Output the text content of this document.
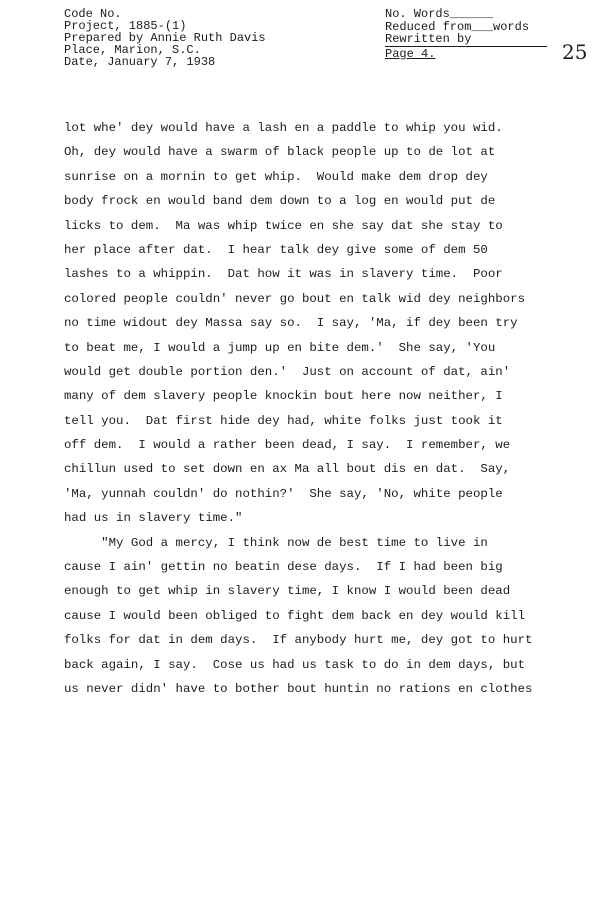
Code No.
Project, 1885-(1)
Prepared by Annie Ruth Davis
Place, Marion, S.C.
Date, January 7, 1938
No. Words______
Reduced from___words
Rewritten by
Page 4.	25
lot whe' dey would have a lash en a paddle to whip you wid.
Oh, dey would have a swarm of black people up to de lot at
sunrise on a mornin to get whip.  Would make dem drop dey
body frock en would band dem down to a log en would put de
licks to dem.  Ma was whip twice en she say dat she stay to
her place after dat.  I hear talk dey give some of dem 50
lashes to a whippin.  Dat how it was in slavery time.  Poor
colored people couldn' never go bout en talk wid dey neighbors
no time widout dey Massa say so.  I say, 'Ma, if dey been try
to beat me, I would a jump up en bite dem.'  She say, 'You
would get double portion den.'  Just on account of dat, ain'
many of dem slavery people knockin bout here now neither, I
tell you.  Dat first hide dey had, white folks just took it
off dem.  I would a rather been dead, I say.  I remember, we
chillun used to set down en ax Ma all bout dis en dat.  Say,
'Ma, yunnah couldn' do nothin?'  She say, 'No, white people
had us in slavery time."
"My God a mercy, I think now de best time to live in
cause I ain' gettin no beatin dese days.  If I had been big
enough to get whip in slavery time, I know I would been dead
cause I would been obliged to fight dem back en dey would kill
folks for dat in dem days.  If anybody hurt me, dey got to hurt
back again, I say.  Cose us had us task to do in dem days, but
us never didn' have to bother bout huntin no rations en clothes
